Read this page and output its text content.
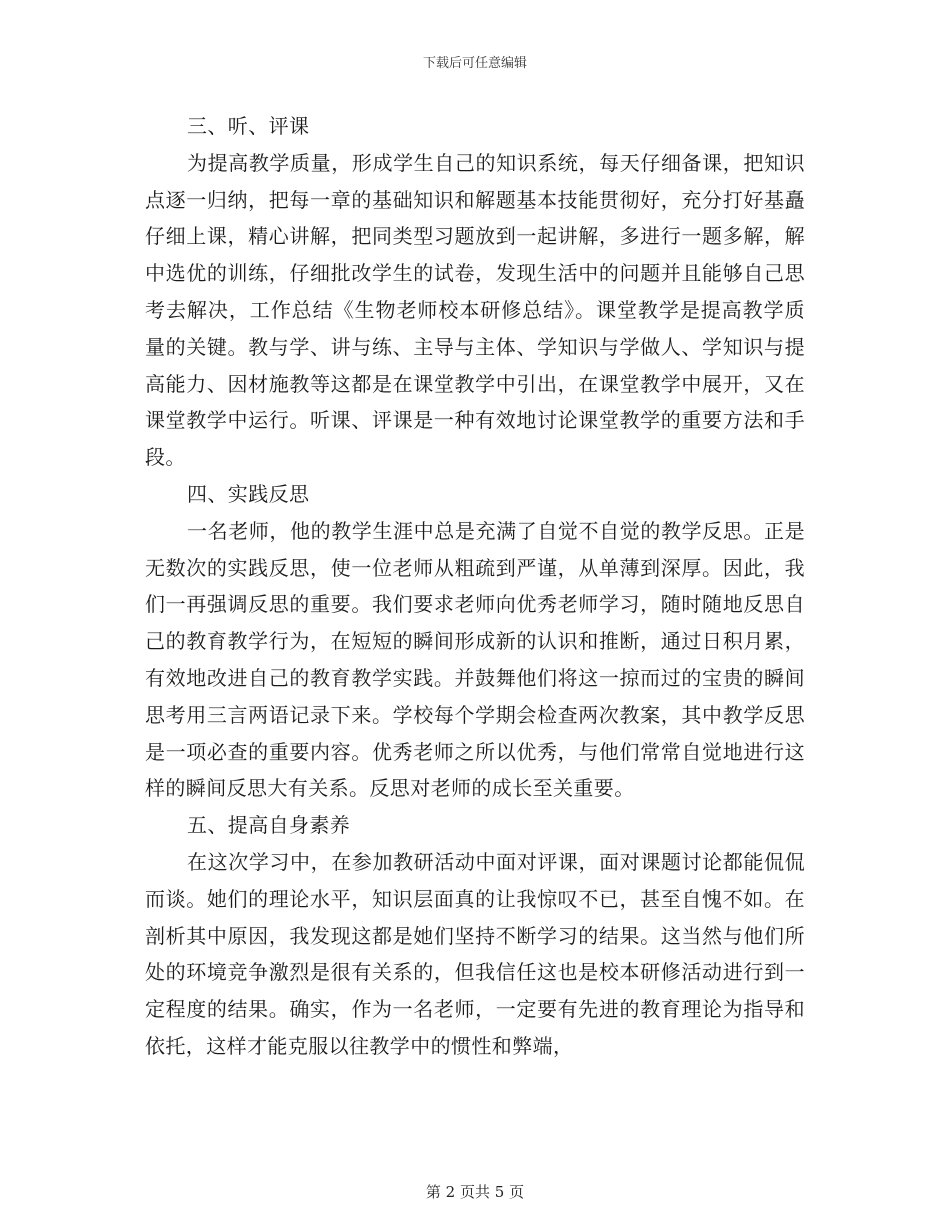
下载后可任意编辑

三、听、评课

为提高教学质量，形成学生自己的知识系统，每天仔细备课，把知识点逐一归纳，把每一章的基础知识和解题基本技能贯彻好，充分打好基矗仔细上课，精心讲解，把同类型习题放到一起讲解，多进行一题多解，解中选优的训练，仔细批改学生的试卷，发现生活中的问题并且能够自己思考去解决，工作总结《生物老师校本研修总结》。课堂教学是提高教学质量的关键。教与学、讲与练、主导与主体、学知识与学做人、学知识与提高能力、因材施教等这都是在课堂教学中引出，在课堂教学中展开，又在课堂教学中运行。听课、评课是一种有效地讨论课堂教学的重要方法和手段。

四、实践反思

一名老师，他的教学生涯中总是充满了自觉不自觉的教学反思。正是无数次的实践反思，使一位老师从粗疏到严谨，从单薄到深厚。因此，我们一再强调反思的重要。我们要求老师向优秀老师学习，随时随地反思自己的教育教学行为，在短短的瞬间形成新的认识和推断，通过日积月累，有效地改进自己的教育教学实践。并鼓舞他们将这一掠而过的宝贵的瞬间思考用三言两语记录下来。学校每个学期会检查两次教案，其中教学反思是一项必查的重要内容。优秀老师之所以优秀，与他们常常自觉地进行这样的瞬间反思大有关系。反思对老师的成长至关重要。

五、提高自身素养

在这次学习中，在参加教研活动中面对评课，面对课题讨论都能侃侃而谈。她们的理论水平，知识层面真的让我惊叹不已，甚至自愧不如。在剖析其中原因，我发现这都是她们坚持不断学习的结果。这当然与他们所处的环境竞争激烈是很有关系的，但我信任这也是校本研修活动进行到一定程度的结果。确实，作为一名老师，一定要有先进的教育理论为指导和依托，这样才能克服以往教学中的惯性和弊端，

第 2 页共 5 页
